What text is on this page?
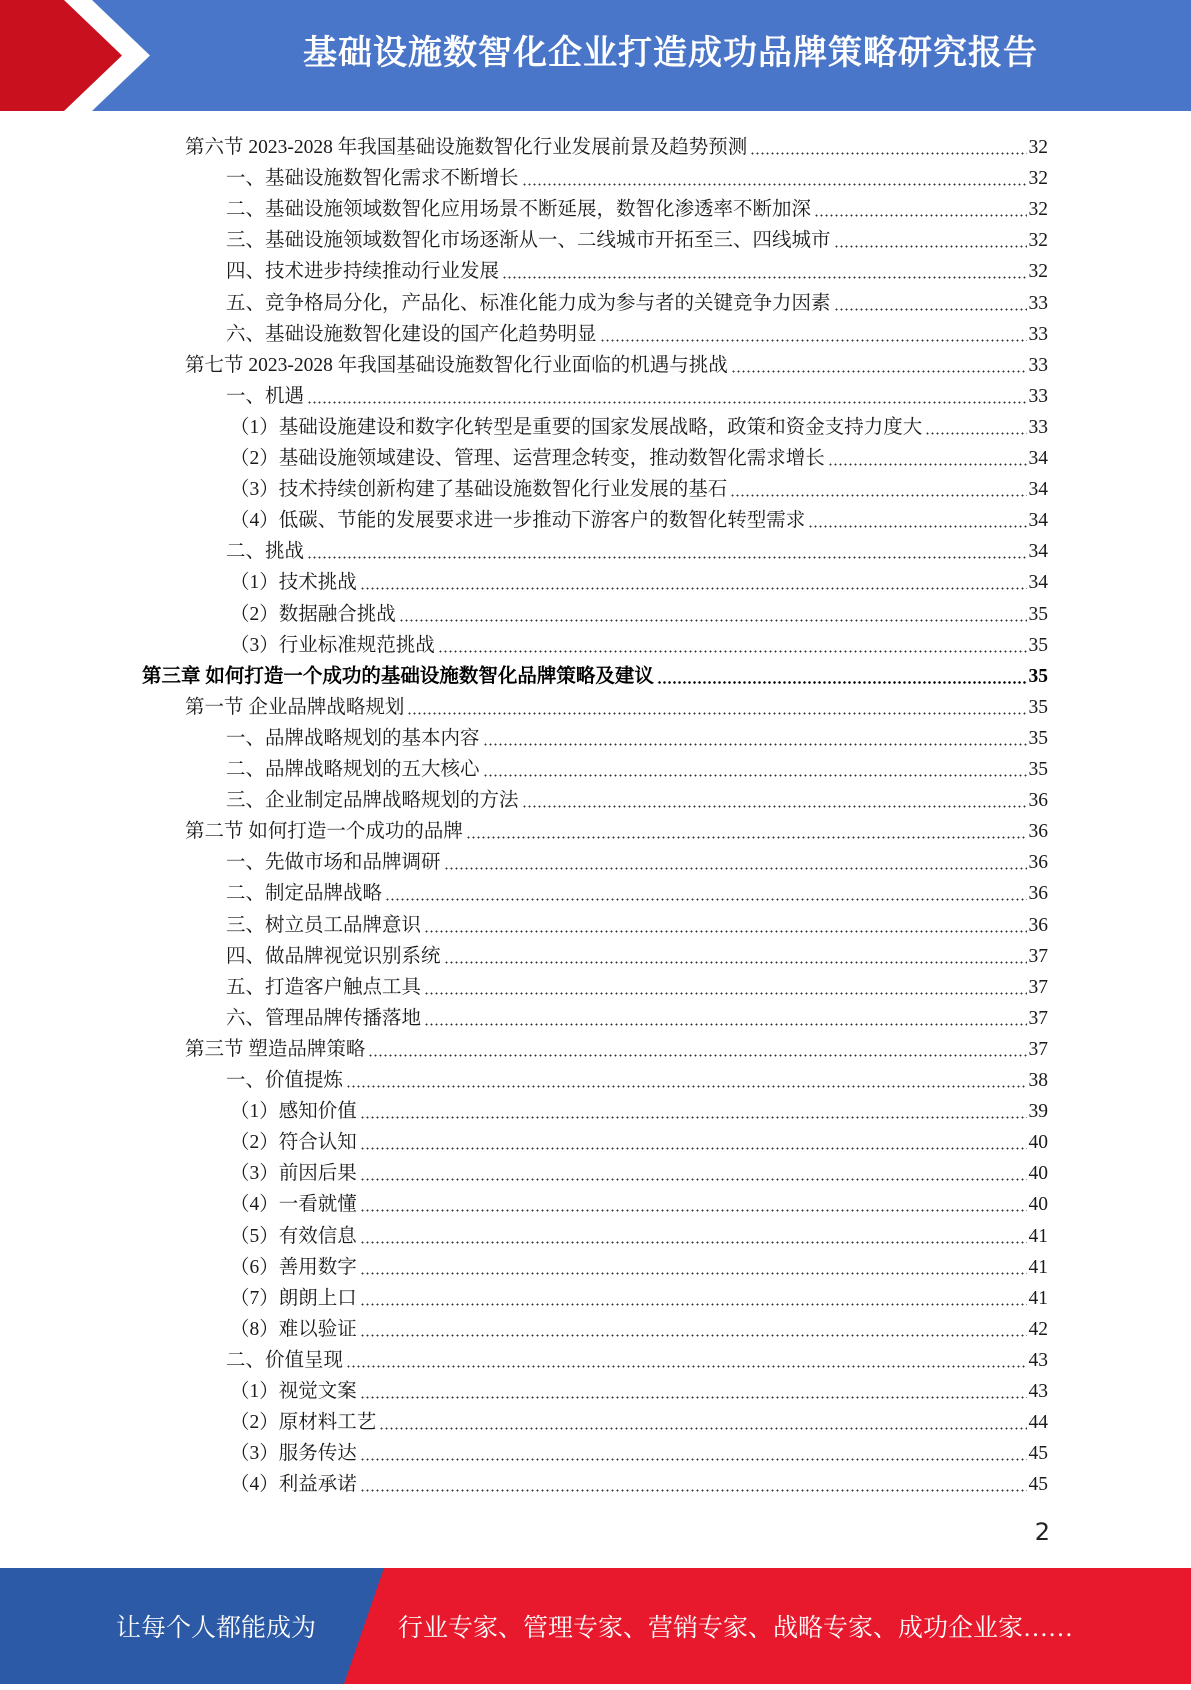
基础设施数智化企业打造成功品牌策略研究报告
第六节 2023-2028 年我国基础设施数智化行业发展前景及趋势预测	32
一、基础设施数智化需求不断增长	32
二、基础设施领域数智化应用场景不断延展，数智化渗透率不断加深	32
三、基础设施领域数智化市场逐渐从一、二线城市开拓至三、四线城市	32
四、技术进步持续推动行业发展	32
五、竞争格局分化，产品化、标准化能力成为参与者的关键竞争力因素	33
六、基础设施数智化建设的国产化趋势明显	33
第七节 2023-2028 年我国基础设施数智化行业面临的机遇与挑战	33
一、机遇	33
（1）基础设施建设和数字化转型是重要的国家发展战略，政策和资金支持力度大	33
（2）基础设施领域建设、管理、运营理念转变，推动数智化需求增长	34
（3）技术持续创新构建了基础设施数智化行业发展的基石	34
（4）低碳、节能的发展要求进一步推动下游客户的数智化转型需求	34
二、挑战	34
（1）技术挑战	34
（2）数据融合挑战	35
（3）行业标准规范挑战	35
第三章 如何打造一个成功的基础设施数智化品牌策略及建议	35
第一节 企业品牌战略规划	35
一、品牌战略规划的基本内容	35
二、品牌战略规划的五大核心	35
三、企业制定品牌战略规划的方法	36
第二节 如何打造一个成功的品牌	36
一、先做市场和品牌调研	36
二、制定品牌战略	36
三、树立员工品牌意识	36
四、做品牌视觉识别系统	37
五、打造客户触点工具	37
六、管理品牌传播落地	37
第三节 塑造品牌策略	37
一、价值提炼	38
（1）感知价值	39
（2）符合认知	40
（3）前因后果	40
（4）一看就懂	40
（5）有效信息	41
（6）善用数字	41
（7）朗朗上口	41
（8）难以验证	42
二、价值呈现	43
（1）视觉文案	43
（2）原材料工艺	44
（3）服务传达	45
（4）利益承诺	45
2
让每个人都能成为	行业专家、管理专家、营销专家、战略专家、成功企业家……
